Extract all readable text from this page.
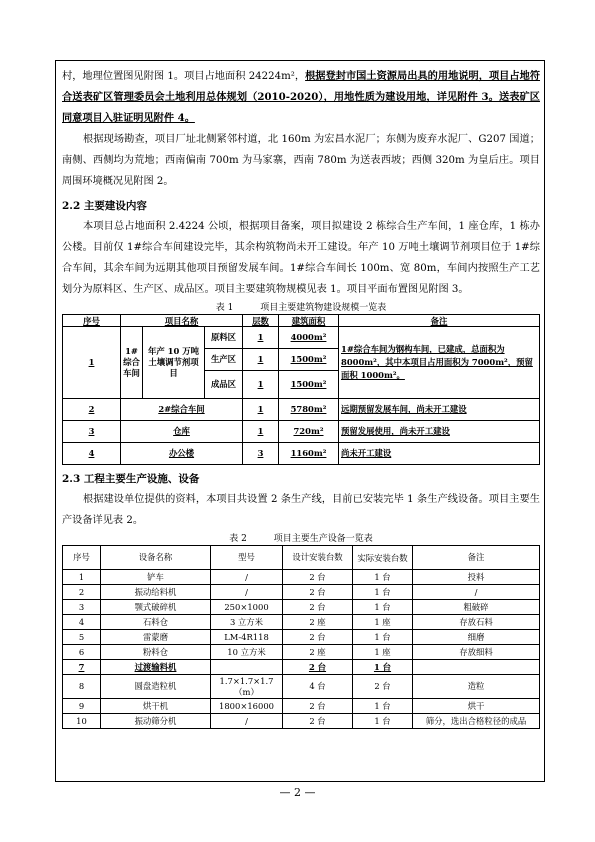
村，地理位置图见附图 1。项目占地面积 24224m²，根据登封市国土资源局出具的用地说明，项目占地符合送表矿区管理委员会土地利用总体规划（2010-2020），用地性质为建设用地，详见附件 3。送表矿区同意项目入驻证明见附件 4。

根据现场勘查，项目厂址北侧紧邻村道，北 160m 为宏昌水泥厂；东侧为废弃水泥厂、G207 国道；南侧、西侧均为荒地；西南偏南 700m 为马家寨，西南 780m 为送表西坡；西侧 320m 为皇后庄。项目周围环境概况见附图 2。

2.2 主要建设内容

本项目总占地面积 2.4224 公顷，根据项目备案，项目拟建设 2 栋综合生产车间，1 座仓库，1 栋办公楼。目前仅 1#综合车间建设完毕，其余构筑物尚未开工建设。年产 10 万吨土壤调节剂项目位于 1#综合车间，其余车间为远期其他项目预留发展车间。1#综合车间长 100m、宽 80m，车间内按照生产工艺划分为原料区、生产区、成品区。项目主要建筑物规模见表 1。项目平面布置图见附图 3。

表 1　　　项目主要建筑物建设规模一览表

序号	项目名称			层数	建筑面积	备注
1	1#综合车间	年产 10 万吨土壤调节剂项目	原料区	1	4000m²	1#综合车间为钢构车间，已建成，总面积为 8000m²，其中本项目占用面积为 7000m²，预留面积 1000m²。
			生产区	1	1500m²	
			成品区	1	1500m²	
2	2#综合车间			1	5780m²	远期预留发展车间，尚未开工建设
3	仓库			1	720m²	预留发展使用，尚未开工建设
4	办公楼			3	1160m²	尚未开工建设

2.3 工程主要生产设施、设备

根据建设单位提供的资料，本项目共设置 2 条生产线，目前已安装完毕 1 条生产线设备。项目主要生产设备详见表 2。

表 2　　　项目主要生产设备一览表

序号	设备名称	型号	设计安装台数	实际安装台数	备注
1	铲车	/	2 台	1 台	投料
2	振动给料机	/	2 台	1 台	/
3	颚式破碎机	250×1000	2 台	1 台	粗破碎
4	石料仓	3 立方米	2 座	1 座	存放石料
5	雷蒙磨	LM-4R118	2 台	1 台	细磨
6	粉料仓	10 立方米	2 座	1 座	存放细料
7	过渡输料机		2 台	1 台	
8	圆盘造粒机	1.7×1.7×1.7（m）	4 台	2 台	造粒
9	烘干机	1800×16000	2 台	1 台	烘干
10	振动筛分机	/	2 台	1 台	筛分，选出合格粒径的成品
— 2 —
